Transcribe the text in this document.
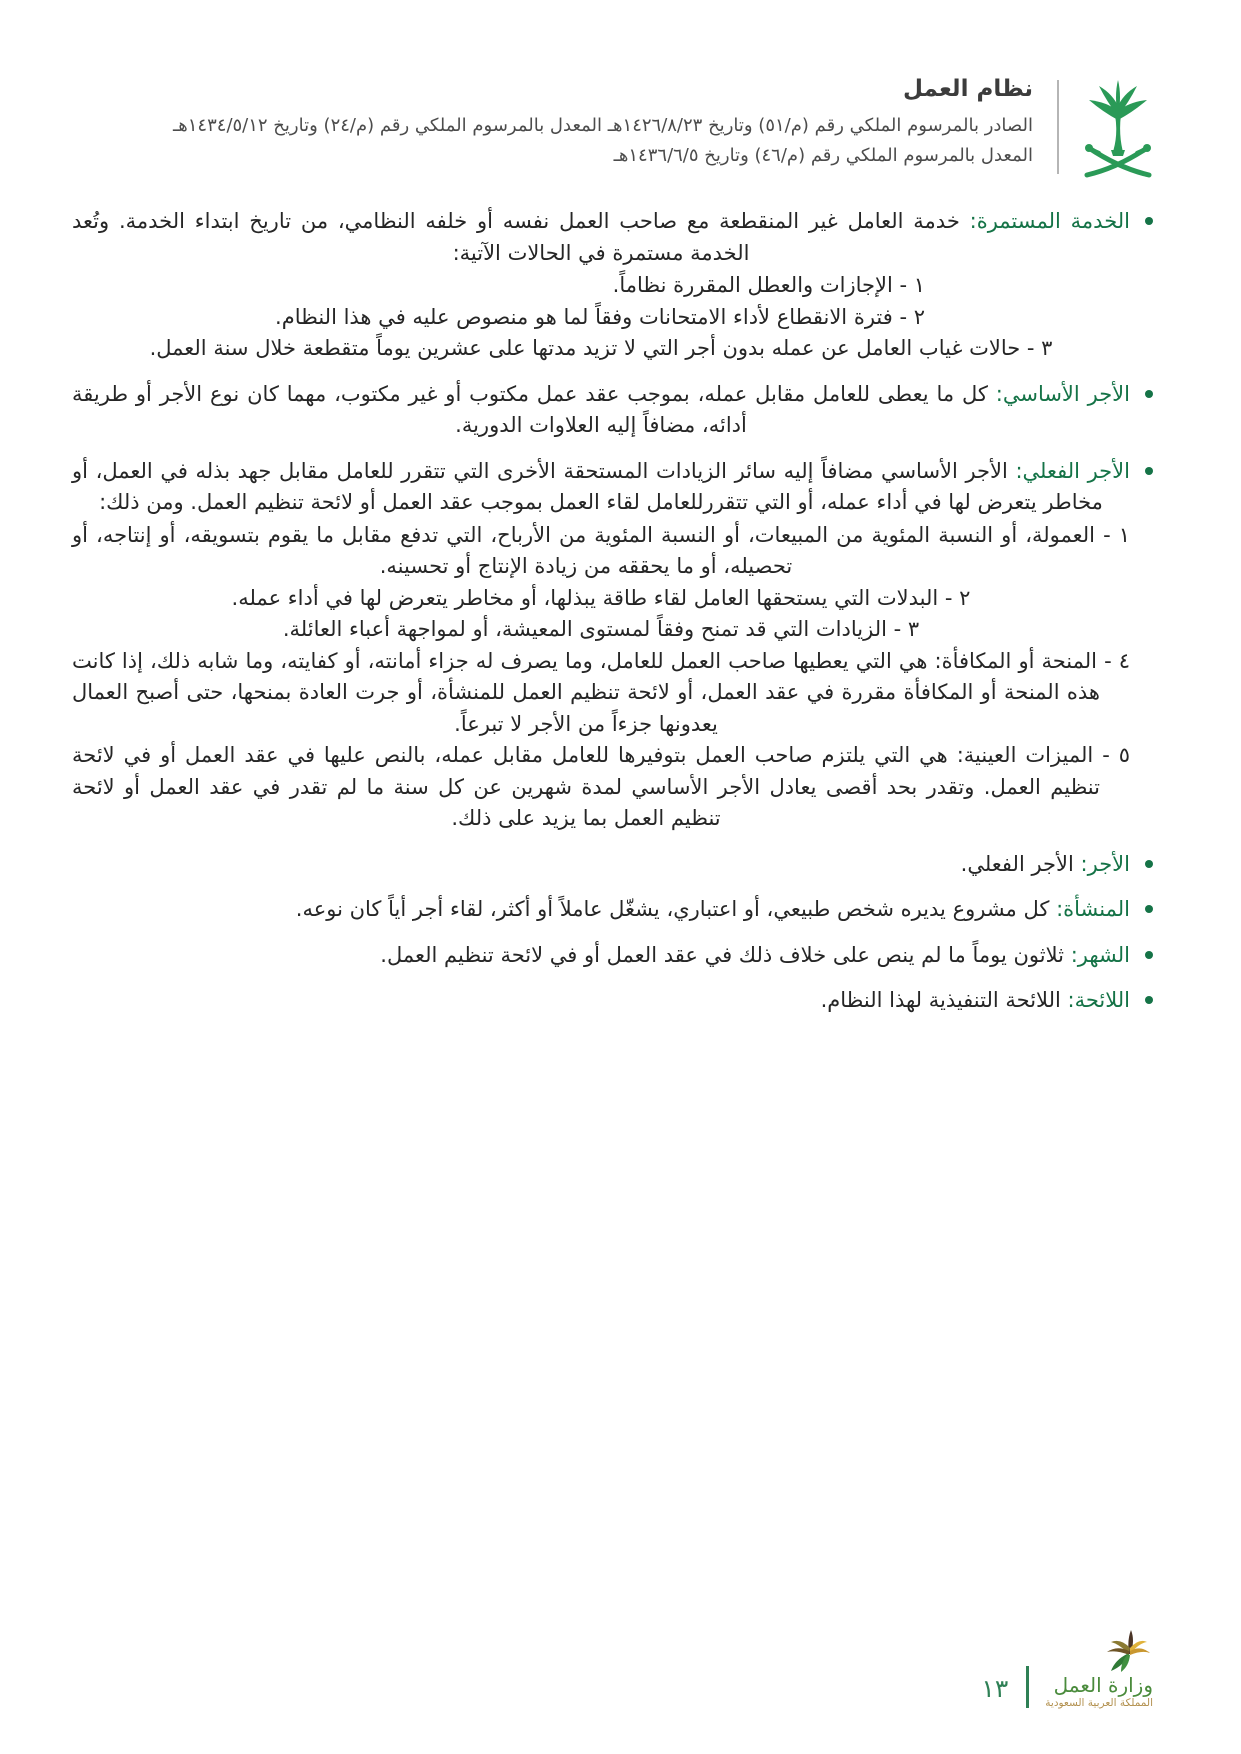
نظام العمل

الصادر بالمرسوم الملكي رقم (م/٥١) وتاريخ ١٤٢٦/٨/٢٣هـ المعدل بالمرسوم الملكي رقم (م/٢٤) وتاريخ ١٤٣٤/٥/١٢هـ

المعدل بالمرسوم الملكي رقم (م/٤٦) وتاريخ ١٤٣٦/٦/٥هـ

الخدمة المستمرة: خدمة العامل غير المنقطعة مع صاحب العمل نفسه أو خلفه النظامي، من تاريخ ابتداء الخدمة. وتُعد الخدمة مستمرة في الحالات الآتية:

١ - الإجازات والعطل المقررة نظاماً.

٢ - فترة الانقطاع لأداء الامتحانات وفقاً لما هو منصوص عليه في هذا النظام.

٣ - حالات غياب العامل عن عمله بدون أجر التي لا تزيد مدتها على عشرين يوماً متقطعة خلال سنة العمل.

الأجر الأساسي: كل ما يعطى للعامل مقابل عمله، بموجب عقد عمل مكتوب أو غير مكتوب، مهما كان نوع الأجر أو طريقة أدائه، مضافاً إليه العلاوات الدورية.

الأجر الفعلي: الأجر الأساسي مضافاً إليه سائر الزيادات المستحقة الأخرى التي تتقرر للعامل مقابل جهد بذله في العمل، أو مخاطر يتعرض لها في أداء عمله، أو التي تتقررللعامل لقاء العمل بموجب عقد العمل أو لائحة تنظيم العمل. ومن ذلك:

١ - العمولة، أو النسبة المئوية من المبيعات، أو النسبة المئوية من الأرباح، التي تدفع مقابل ما يقوم بتسويقه، أو إنتاجه، أو تحصيله، أو ما يحققه من زيادة الإنتاج أو تحسينه.

٢ - البدلات التي يستحقها العامل لقاء طاقة يبذلها، أو مخاطر يتعرض لها في أداء عمله.

٣ - الزيادات التي قد تمنح وفقاً لمستوى المعيشة، أو لمواجهة أعباء العائلة.

٤ - المنحة أو المكافأة: هي التي يعطيها صاحب العمل للعامل، وما يصرف له جزاء أمانته، أو كفايته، وما شابه ذلك، إذا كانت هذه المنحة أو المكافأة مقررة في عقد العمل، أو لائحة تنظيم العمل للمنشأة، أو جرت العادة بمنحها، حتى أصبح العمال يعدونها جزءاً من الأجر لا تبرعاً.

٥ - الميزات العينية: هي التي يلتزم صاحب العمل بتوفيرها للعامل مقابل عمله، بالنص عليها في عقد العمل أو في لائحة تنظيم العمل. وتقدر بحد أقصى يعادل الأجر الأساسي لمدة شهرين عن كل سنة ما لم تقدر في عقد العمل أو لائحة تنظيم العمل بما يزيد على ذلك.

الأجر: الأجر الفعلي.

المنشأة: كل مشروع يديره شخص طبيعي، أو اعتباري، يشغّل عاملاً أو أكثر، لقاء أجر أياً كان نوعه.

الشهر: ثلاثون يوماً ما لم ينص على خلاف ذلك في عقد العمل أو في لائحة تنظيم العمل.

اللائحة: اللائحة التنفيذية لهذا النظام.

وزارة العمل

المملكة العربية السعودية

١٣
